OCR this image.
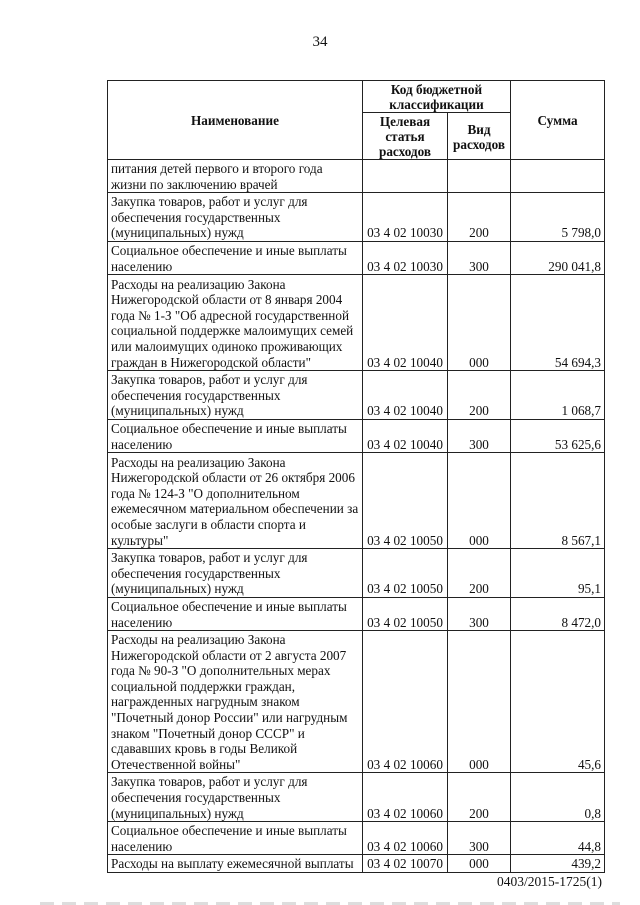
34
Наименование	Код бюджетной классификации		Сумма
	Целевая статья расходов	Вид расходов	
питания детей первого и второго года жизни по заключению врачей			
Закупка товаров, работ и услуг для обеспечения государственных (муниципальных) нужд	03 4 02 10030	200	5 798,0
Социальное обеспечение и иные выплаты населению	03 4 02 10030	300	290 041,8
Расходы на реализацию Закона Нижегородской области от 8 января 2004 года № 1-З "Об адресной государственной социальной поддержке малоимущих семей или малоимущих одиноко проживающих граждан в Нижегородской области"	03 4 02 10040	000	54 694,3
Закупка товаров, работ и услуг для обеспечения государственных (муниципальных) нужд	03 4 02 10040	200	1 068,7
Социальное обеспечение и иные выплаты населению	03 4 02 10040	300	53 625,6
Расходы на реализацию Закона Нижегородской области от 26 октября 2006 года № 124-З "О дополнительном ежемесячном материальном обеспечении за особые заслуги в области спорта и культуры"	03 4 02 10050	000	8 567,1
Закупка товаров, работ и услуг для обеспечения государственных (муниципальных) нужд	03 4 02 10050	200	95,1
Социальное обеспечение и иные выплаты населению	03 4 02 10050	300	8 472,0
Расходы на реализацию Закона Нижегородской области от 2 августа 2007 года № 90-З "О дополнительных мерах социальной поддержки граждан, награжденных нагрудным знаком "Почетный донор России" или нагрудным знаком "Почетный донор СССР" и сдававших кровь в годы Великой Отечественной войны"	03 4 02 10060	000	45,6
Закупка товаров, работ и услуг для обеспечения государственных (муниципальных) нужд	03 4 02 10060	200	0,8
Социальное обеспечение и иные выплаты населению	03 4 02 10060	300	44,8
Расходы на выплату ежемесячной выплаты	03 4 02 10070	000	439,2
0403/2015-1725(1)
